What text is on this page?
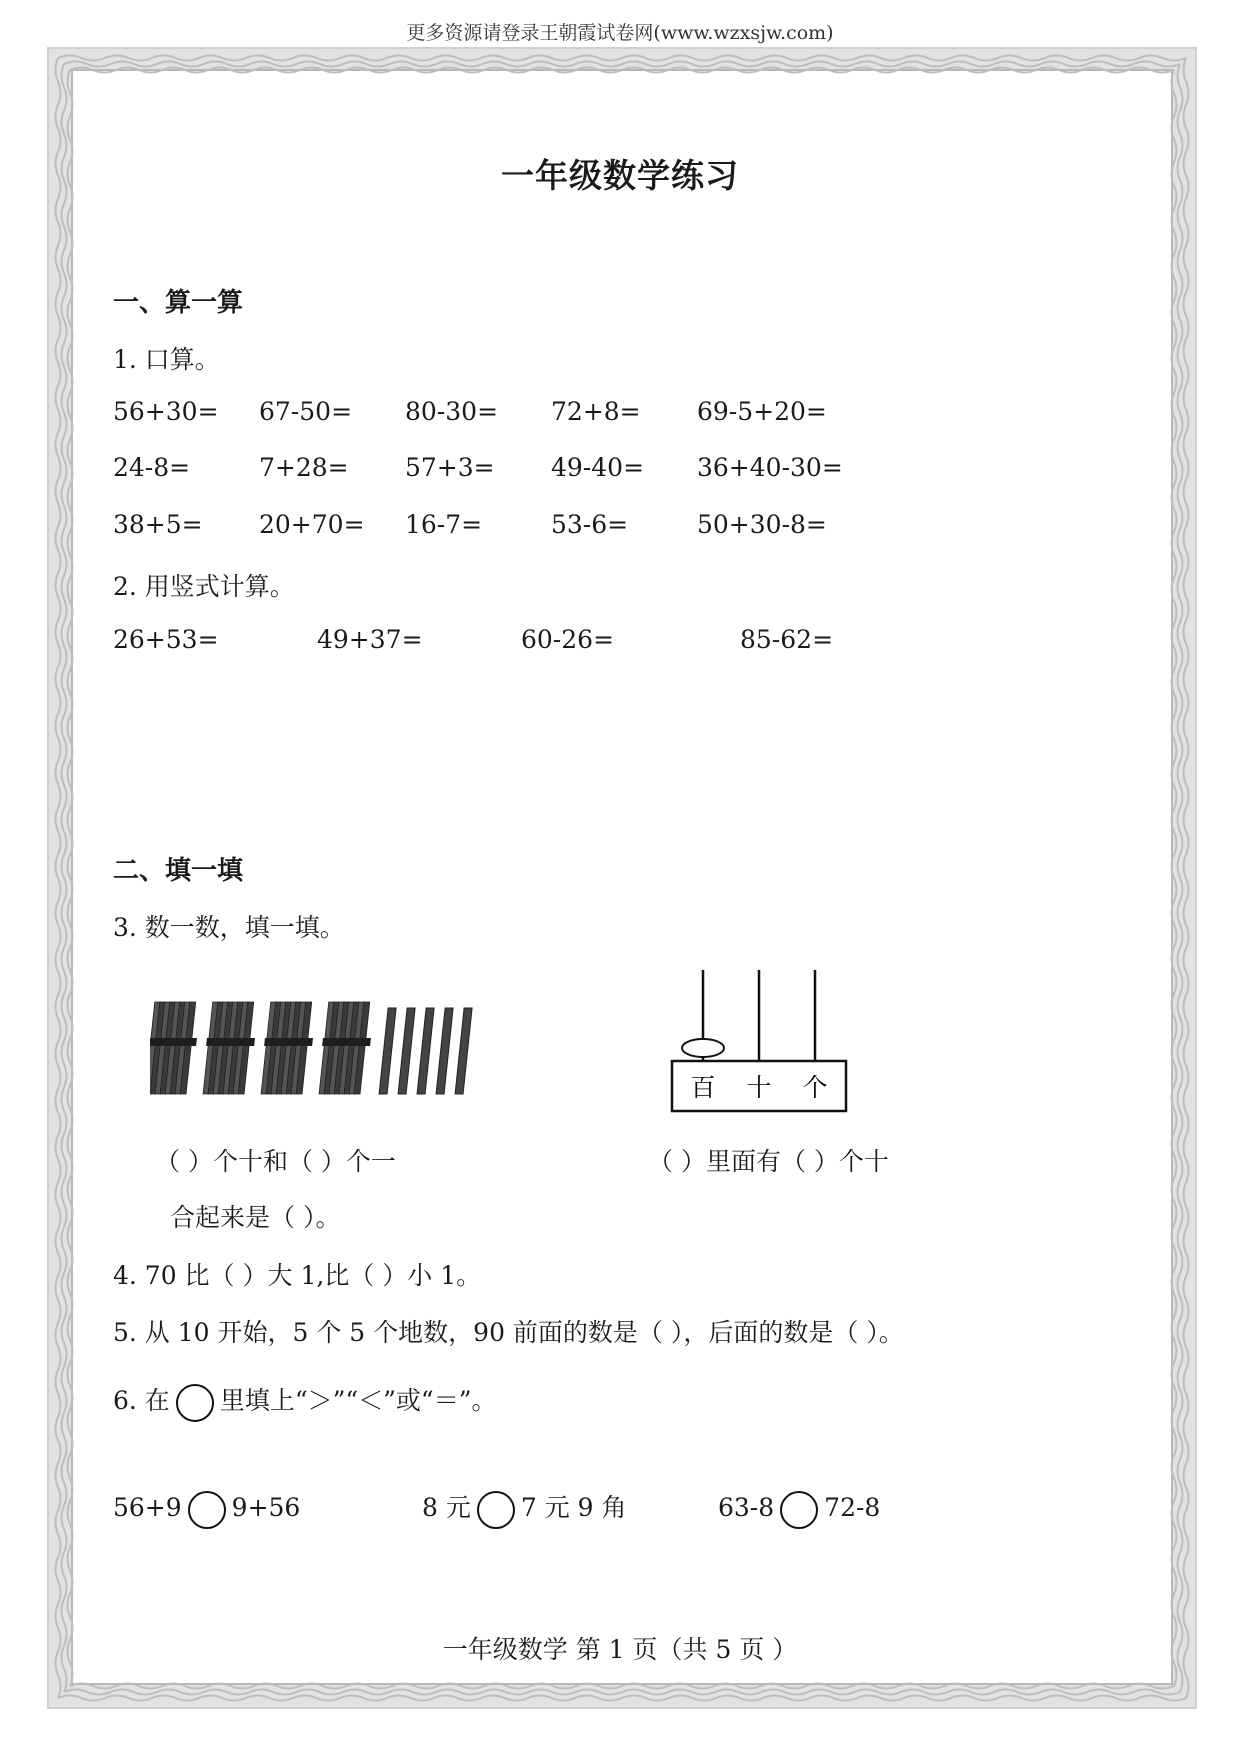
更多资源请登录王朝霞试卷网(www.wzxsjw.com)
一年级数学练习
一、算一算
1. 口算。
56+30= 67-50= 80-30= 72+8= 69-5+20=
24-8=	7+28= 57+3= 49-40= 36+40-30=
38+5= 20+70= 16-7=	53-6=	50+30-8=
2. 用竖式计算。
26+53=	49+37=	60-26=	85-62=
二、填一填
3. 数一数，填一填。
百 十 个
（ ）个十和（ ）个一
合起来是（ ）。
（ ）里面有（ ）个十
4. 70 比（ ）大 1,比（ ）小 1。
5. 从 10 开始，5 个 5 个地数，90 前面的数是（ ），后面的数是（ ）。
6. 在 里填上“＞”“＜”或“＝”。
56+9 9+56	8 元 7 元 9 角	63-8 72-8
一年级数学 第 1 页（共 5 页 ）
